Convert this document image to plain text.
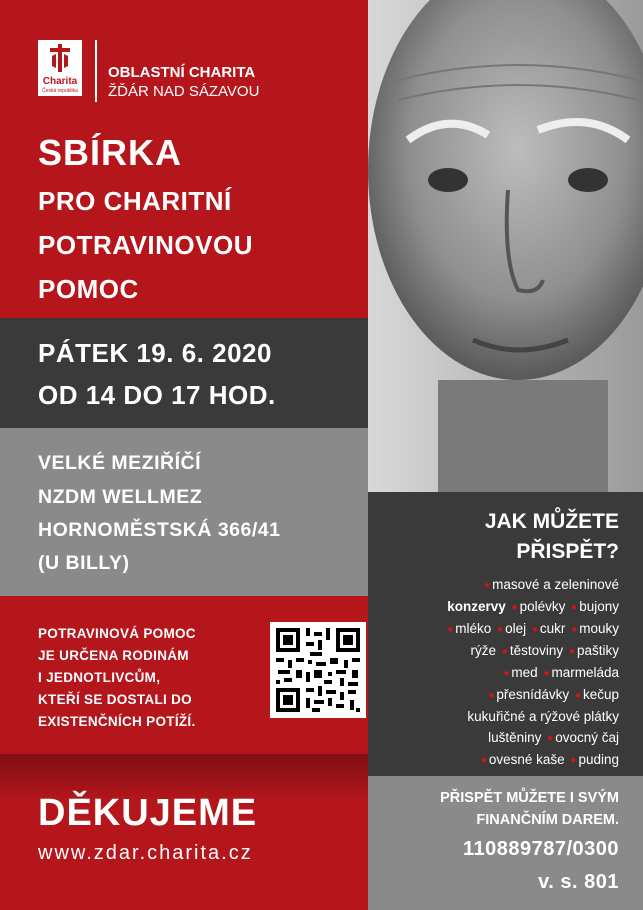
Charita
Česká republika
OBLASTNÍ CHARITA
ŽĎÁR NAD SÁZAVOU
SBÍRKA
PRO CHARITNÍ
POTRAVINOVOU
POMOC
PÁTEK 19. 6. 2020
OD 14 DO 17 HOD.
VELKÉ MEZIŘÍČÍ
NZDM WELLMEZ
HORNOMĚSTSKÁ 366/41
(U BILLY)
POTRAVINOVÁ POMOC
JE URČENA RODINÁM
I JEDNOTLIVCŮM,
KTEŘÍ SE DOSTALI DO
EXISTENČNÍCH POTÍŽÍ.
DĚKUJEME
www.zdar.charita.cz
JAK MŮŽETE
PŘISPĚT?
● masové a zeleninové
konzervy ● polévky ● bujony
● mléko ● olej ● cukr ● mouky
rýže ● těstoviny ● paštiky
● med ● marmeláda
● přesnídávky ● kečup
kukuřičné a rýžové plátky
luštěniny ● ovocný čaj
● ovesné kaše ● puding
PŘISPĚT MŮŽETE I SVÝM
FINANČNÍM DAREM.
110889787/0300
v. s. 801
